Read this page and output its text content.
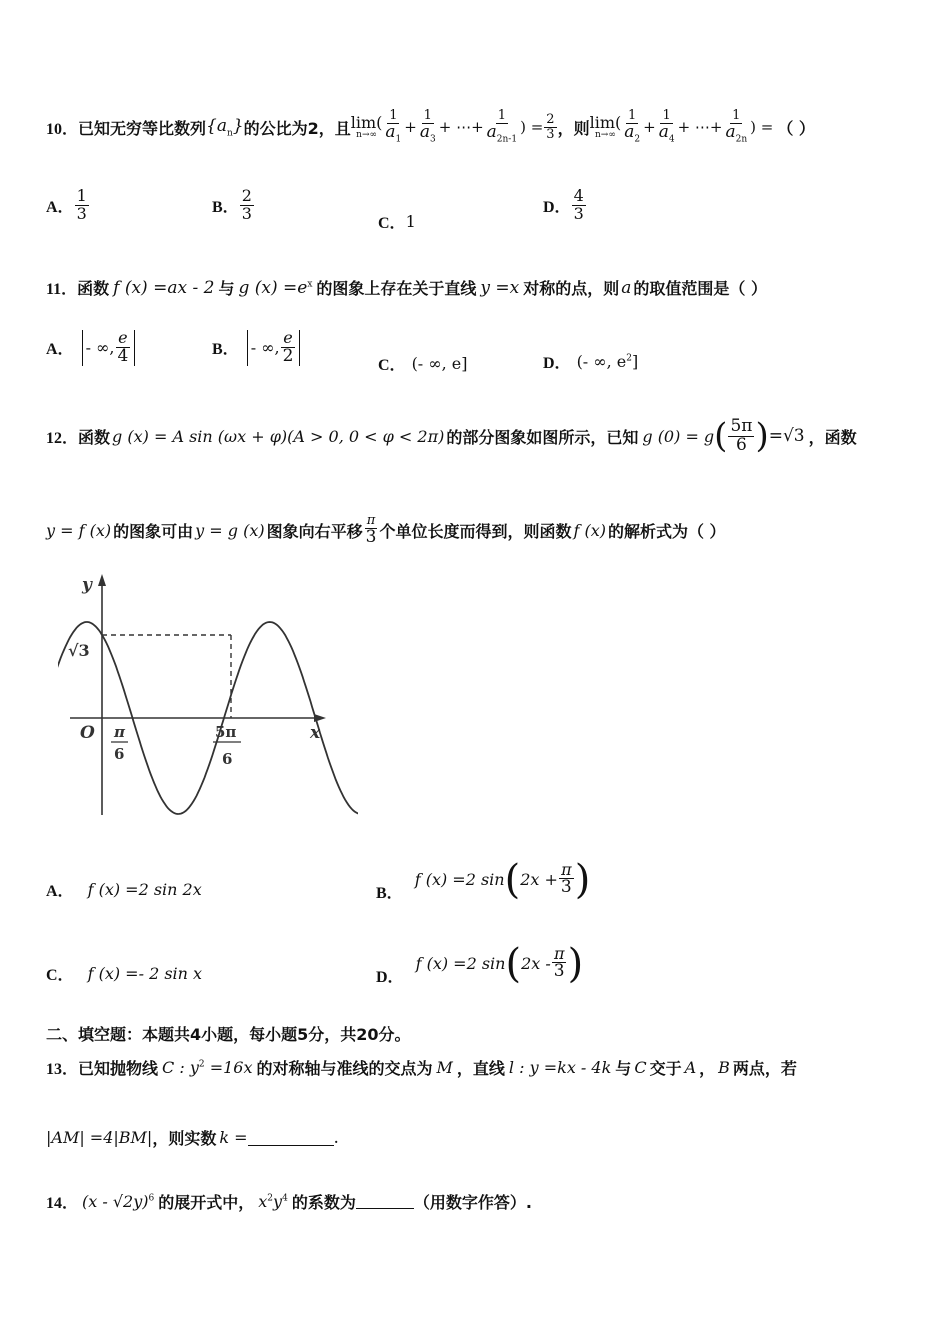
10． 已知无穷等比数列 $\{a_n\}$ 的公比为2，且 lim(
$n\to\infty \frac{1}{a_1} + \frac{1}{a_3}$ + ⋯+ $\frac{1}{a_{2n-1}}$ ) = $\frac{2}{3}$ ，则 lim(
$n\to\infty \frac{1}{a_2} + \frac{1}{a_4}$ + ⋯+ $\frac{1}{a_{2n}}$ ) = （ ）
A． $\frac{1}{3}$	B． $\frac{2}{3}$
C． 1
D． $\frac{4}{3}$
11． 函数 f (x) =ax - 2 与 g $(x) =e^x$ 的图象上存在关于直线 y =x 对称的点，则 a 的取值范围是（ ）
A． - ∞, $\frac{e}{4}$	B． - ∞, $\frac{e}{2}$	C． (- ∞, e]	D． (- ∞, $e^2$]
12． 函数 g (x) = A sin (ωx + φ)(A > 0, 0 < φ < 2π) 的部分图象如图所示，已知 g (0) = g ( $\frac{5\pi}{6}$ ) =√3 ，函数
y = f (x) 的图象可由 y = g (x) 图象向右平移 $\frac{\pi}{3}$ 个单位长度而得到，则函数 f (x) 的解析式为（ ）
y
x
O
√3
π
6
5π
6
A． f (x) =2 sin 2x	B．
f (x) =2 sin ( $2x + \frac{\pi}{3}$ )
C． f (x) =- 2 sin x	D．
f (x) =2 sin ( $2x - \frac{\pi}{3}$ )
二、填空题：本题共4小题，每小题5分，共20分。
13． 已知抛物线 C : $y^2 =16x$ 的对称轴与准线的交点为 M ，直线 l : y =kx - 4k 与 C 交于 A ， B 两点，若
|AM| =4|BM| ，则实数 k =	.
14． (x - √2y)$^6$ 的展开式中， $x^2y^4$ 的系数为	（用数字作答）.
